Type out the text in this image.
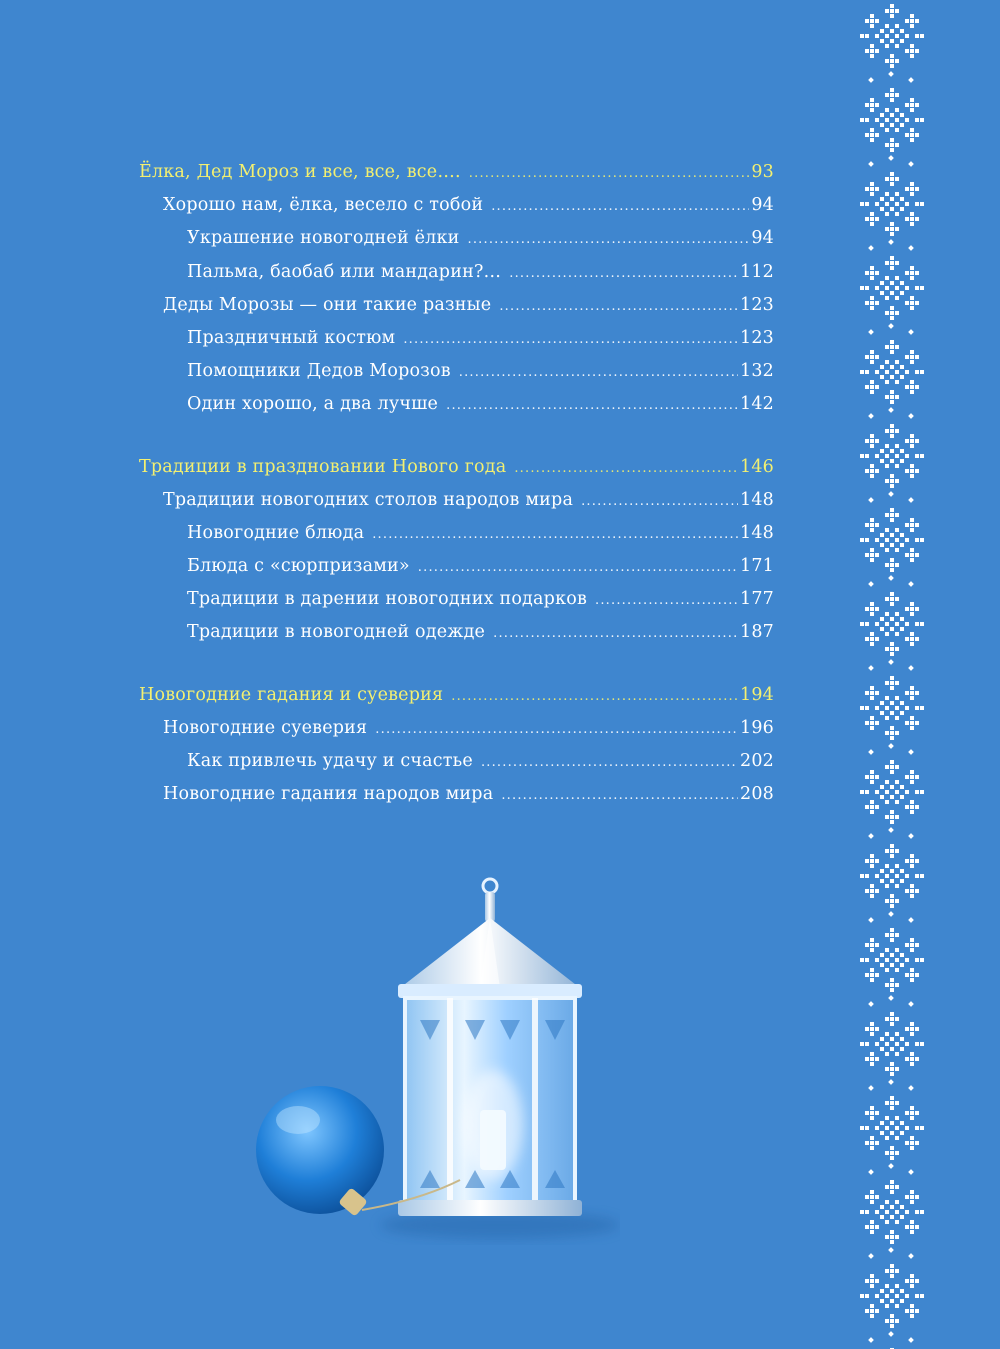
Ёлка, Дед Мороз и все, все, все…. .....	93
Хорошо нам, ёлка, весело с тобой .....	94
Украшение новогодней ёлки .....	94
Пальма, баобаб или мандарин?… .....	112
Деды Морозы — они такие разные .....	123
Праздничный костюм .....	123
Помощники Дедов Морозов .....	132
Один хорошо, а два лучше .....	142
Традиции в праздновании Нового года .....	146
Традиции новогодних столов народов мира .....	148
Новогодние блюда .....	148
Блюда с «сюрпризами» .....	171
Традиции в дарении новогодних подарков .....	177
Традиции в новогодней одежде .....	187
Новогодние гадания и суеверия .....	194
Новогодние суеверия .....	196
Как привлечь удачу и счастье .....	202
Новогодние гадания народов мира .....	208
